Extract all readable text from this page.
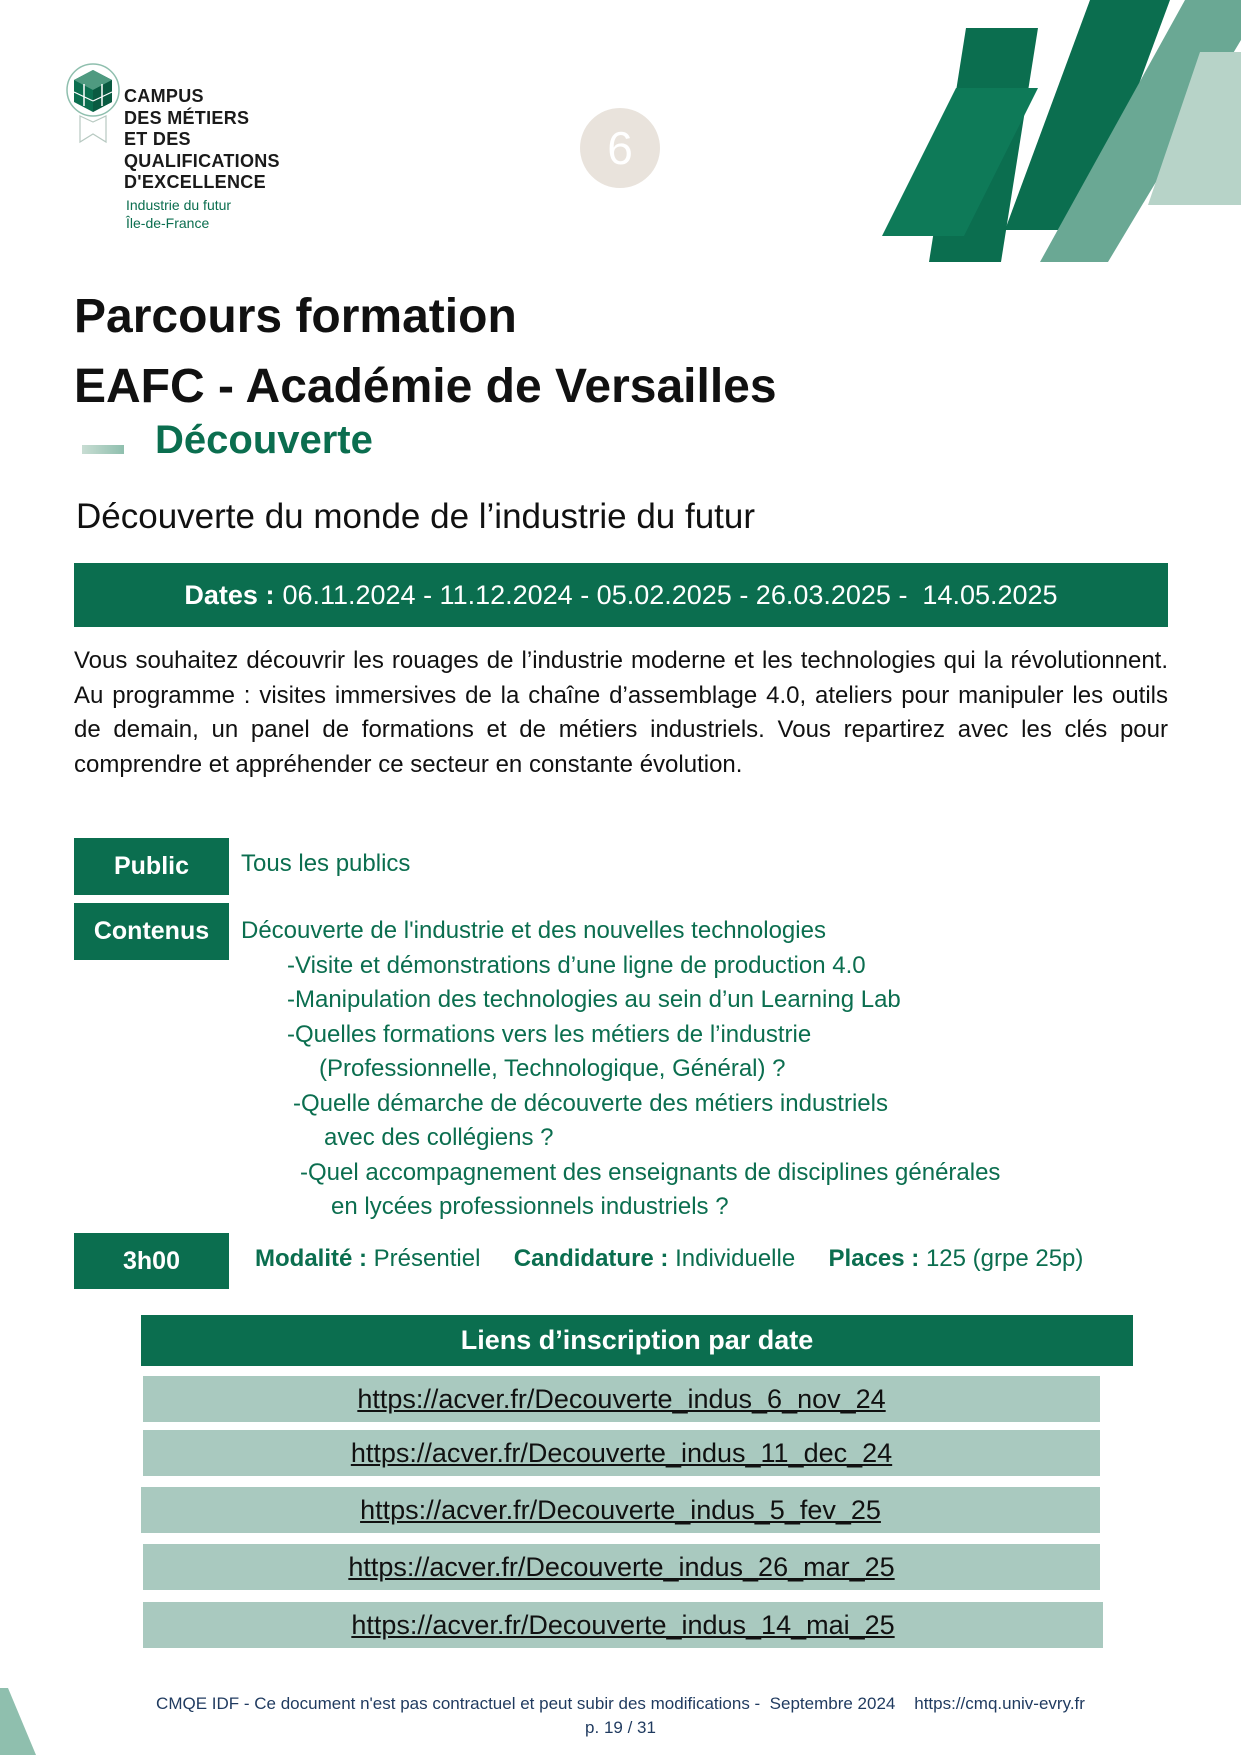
CAMPUS
DES MÉTIERS
ET DES
QUALIFICATIONS
D'EXCELLENCE
Industrie du futur
Île-de-France
6
Parcours formation
EAFC - Académie de Versailles
Découverte
Découverte du monde de l’industrie du futur
Dates : 06.11.2024 - 11.12.2024 - 05.02.2025 - 26.03.2025 -  14.05.2025
Vous souhaitez découvrir les rouages de l’industrie moderne et les technologies qui la révolutionnent. Au programme : visites immersives de la chaîne d’assemblage 4.0, ateliers pour manipuler les outils de demain, un panel de formations et de métiers industriels. Vous repartirez avec les clés pour comprendre et appréhender ce secteur en constante évolution.
Public	Tous les publics
Contenus	Découverte de l'industrie et des nouvelles technologies
-Visite et démonstrations d’une ligne de production 4.0
-Manipulation des technologies au sein d’un Learning Lab
-Quelles formations vers les métiers de l’industrie
(Professionnelle, Technologique, Général) ?
-Quelle démarche de découverte des métiers industriels
avec des collégiens ?
-Quel accompagnement des enseignants de disciplines générales
en lycées professionnels industriels ?
3h00	Modalité : Présentiel Candidature : Individuelle Places : 125 (grpe 25p)
Liens d’inscription par date
https://acver.fr/Decouverte_indus_6_nov_24
https://acver.fr/Decouverte_indus_11_dec_24
https://acver.fr/Decouverte_indus_5_fev_25
https://acver.fr/Decouverte_indus_26_mar_25
https://acver.fr/Decouverte_indus_14_mai_25
CMQE IDF - Ce document n'est pas contractuel et peut subir des modifications -  Septembre 2024    https://cmq.univ-evry.fr
p. 19 / 31
